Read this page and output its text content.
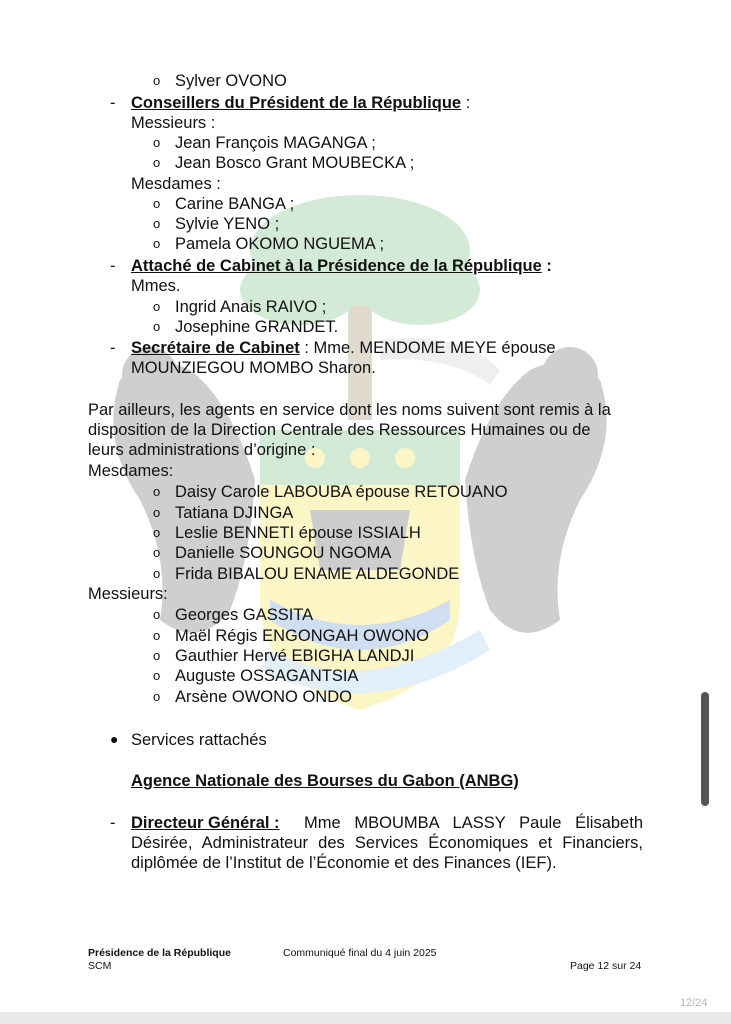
o Sylver OVONO
- Conseillers du Président de la République :
Messieurs :
o Jean François MAGANGA ;
o Jean Bosco Grant MOUBECKA ;
Mesdames :
o Carine BANGA ;
o Sylvie YENO ;
o Pamela OKOMO NGUEMA ;
- Attaché de Cabinet à la Présidence de la République :
Mmes.
o Ingrid Anais RAIVO ;
o Josephine GRANDET.
- Secrétaire de Cabinet : Mme. MENDOME MEYE épouse
MOUNZIEGOU MOMBO Sharon.
Par ailleurs, les agents en service dont les noms suivent sont remis à la
disposition de la Direction Centrale des Ressources Humaines ou de
leurs administrations d’origine :
Mesdames:
o Daisy Carole LABOUBA épouse RETOUANO
o Tatiana DJINGA
o Leslie BENNETI épouse ISSIALH
o Danielle SOUNGOU NGOMA
o Frida BIBALOU ENAME ALDEGONDE
Messieurs:
o Georges GASSITA
o Maël Régis ENGONGAH OWONO
o Gauthier Hervé EBIGHA LANDJI
o Auguste OSSAGANTSIA
o Arsène OWONO ONDO
● Services rattachés
Agence Nationale des Bourses du Gabon (ANBG)
- Directeur Général : Mme MBOUMBA LASSY Paule Élisabeth
Désirée, Administrateur des Services Économiques et Financiers,
diplômée de l’Institut de l’Économie et des Finances (IEF).
Présidence de la République
SCM
Communiqué final du 4 juin 2025
Page 12 sur 24
12/24
